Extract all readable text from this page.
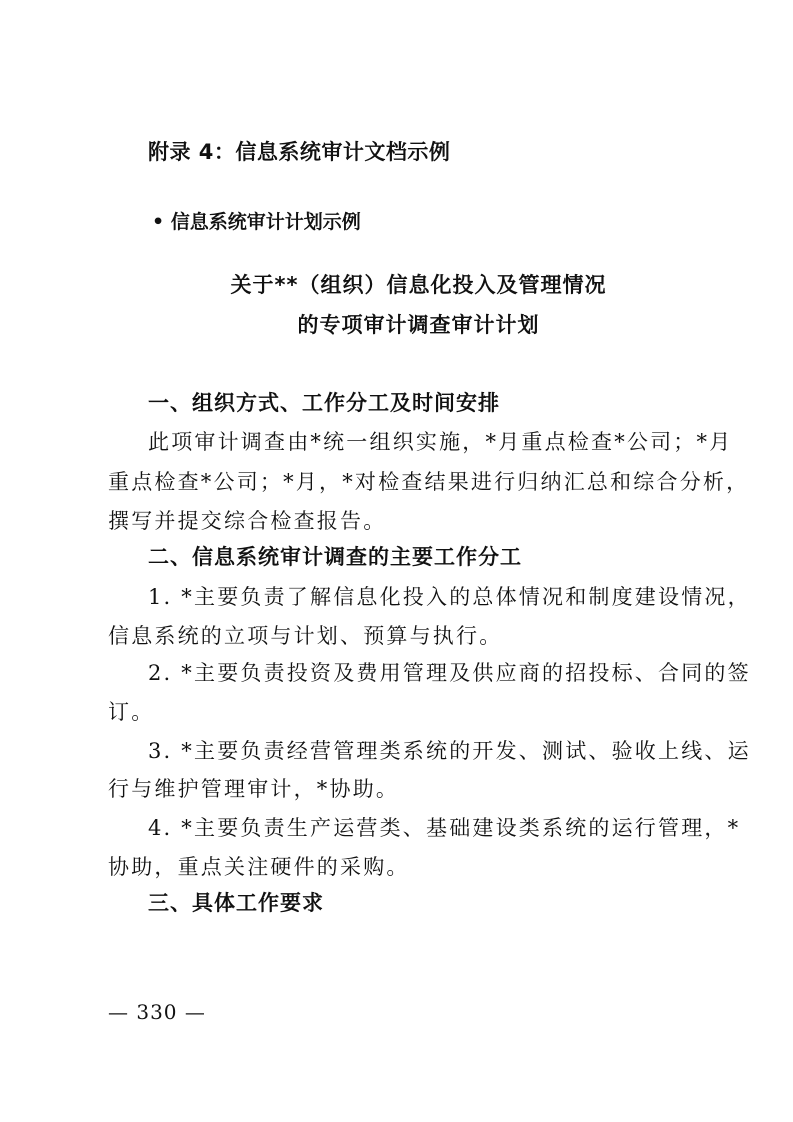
附录 4：信息系统审计文档示例
• 信息系统审计计划示例
关于**（组织）信息化投入及管理情况
的专项审计调查审计计划
一、组织方式、工作分工及时间安排
此项审计调查由*统一组织实施，*月重点检查*公司；*月
重点检查*公司；*月，*对检查结果进行归纳汇总和综合分析，
撰写并提交综合检查报告。
二、信息系统审计调查的主要工作分工
1. *主要负责了解信息化投入的总体情况和制度建设情况，
信息系统的立项与计划、预算与执行。
2. *主要负责投资及费用管理及供应商的招投标、合同的签
订。
3. *主要负责经营管理类系统的开发、测试、验收上线、运
行与维护管理审计，*协助。
4. *主要负责生产运营类、基础建设类系统的运行管理，*
协助，重点关注硬件的采购。
三、具体工作要求
— 330 —
